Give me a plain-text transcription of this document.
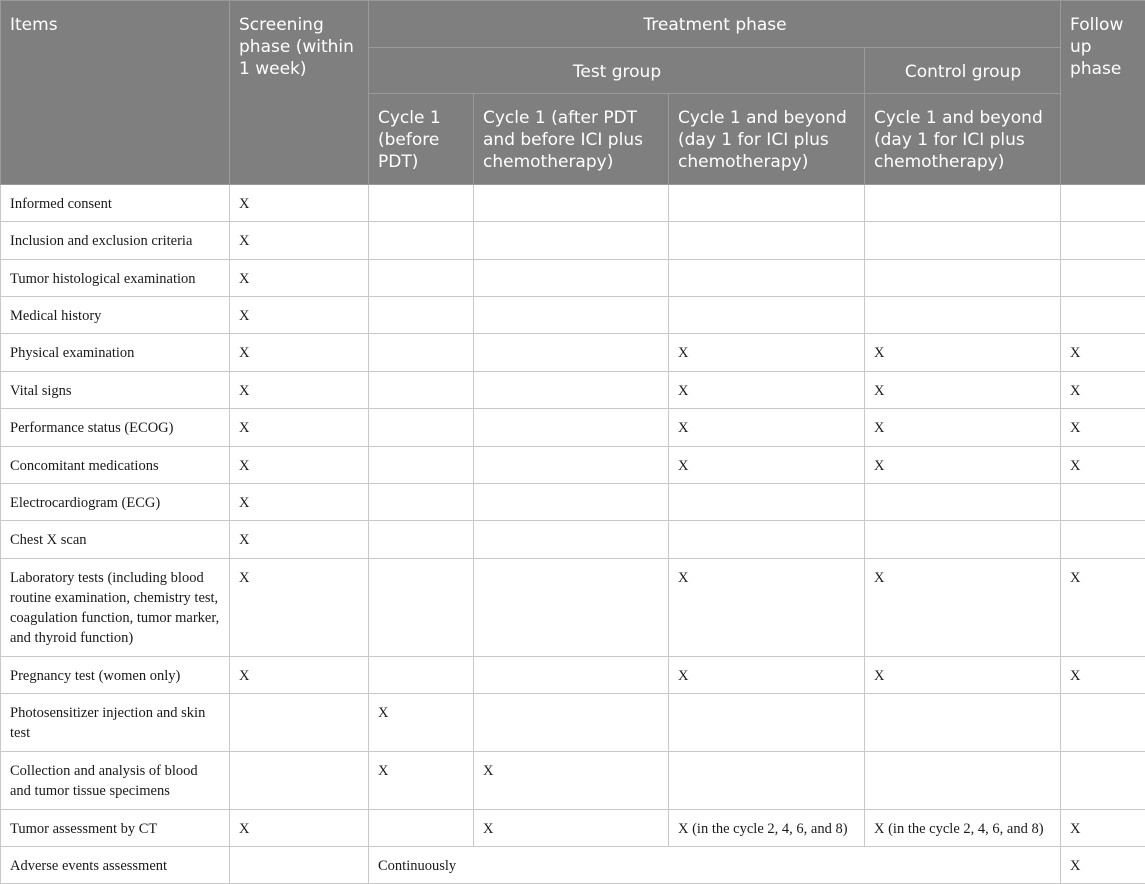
Items	Screening phase (within 1 week)	Treatment phase				Follow up phase
		Test group			Control group	
		Cycle 1 (before PDT)	Cycle 1 (after PDT and before ICI plus chemotherapy)	Cycle 1 and beyond (day 1 for ICI plus chemotherapy)	Cycle 1 and beyond (day 1 for ICI plus chemotherapy)	
Informed consent	X					
Inclusion and exclusion criteria	X					
Tumor histological examination	X					
Medical history	X					
Physical examination	X			X	X	X
Vital signs	X			X	X	X
Performance status (ECOG)	X			X	X	X
Concomitant medications	X			X	X	X
Electrocardiogram (ECG)	X					
Chest X scan	X					
Laboratory tests (including blood routine examination, chemistry test, coagulation function, tumor marker, and thyroid function)	X			X	X	X
Pregnancy test (women only)	X			X	X	X
Photosensitizer injection and skin test		X				
Collection and analysis of blood and tumor tissue specimens		X	X			
Tumor assessment by CT	X		X	X (in the cycle 2, 4, 6, and 8)	X (in the cycle 2, 4, 6, and 8)	X
Adverse events assessment		Continuously				X
